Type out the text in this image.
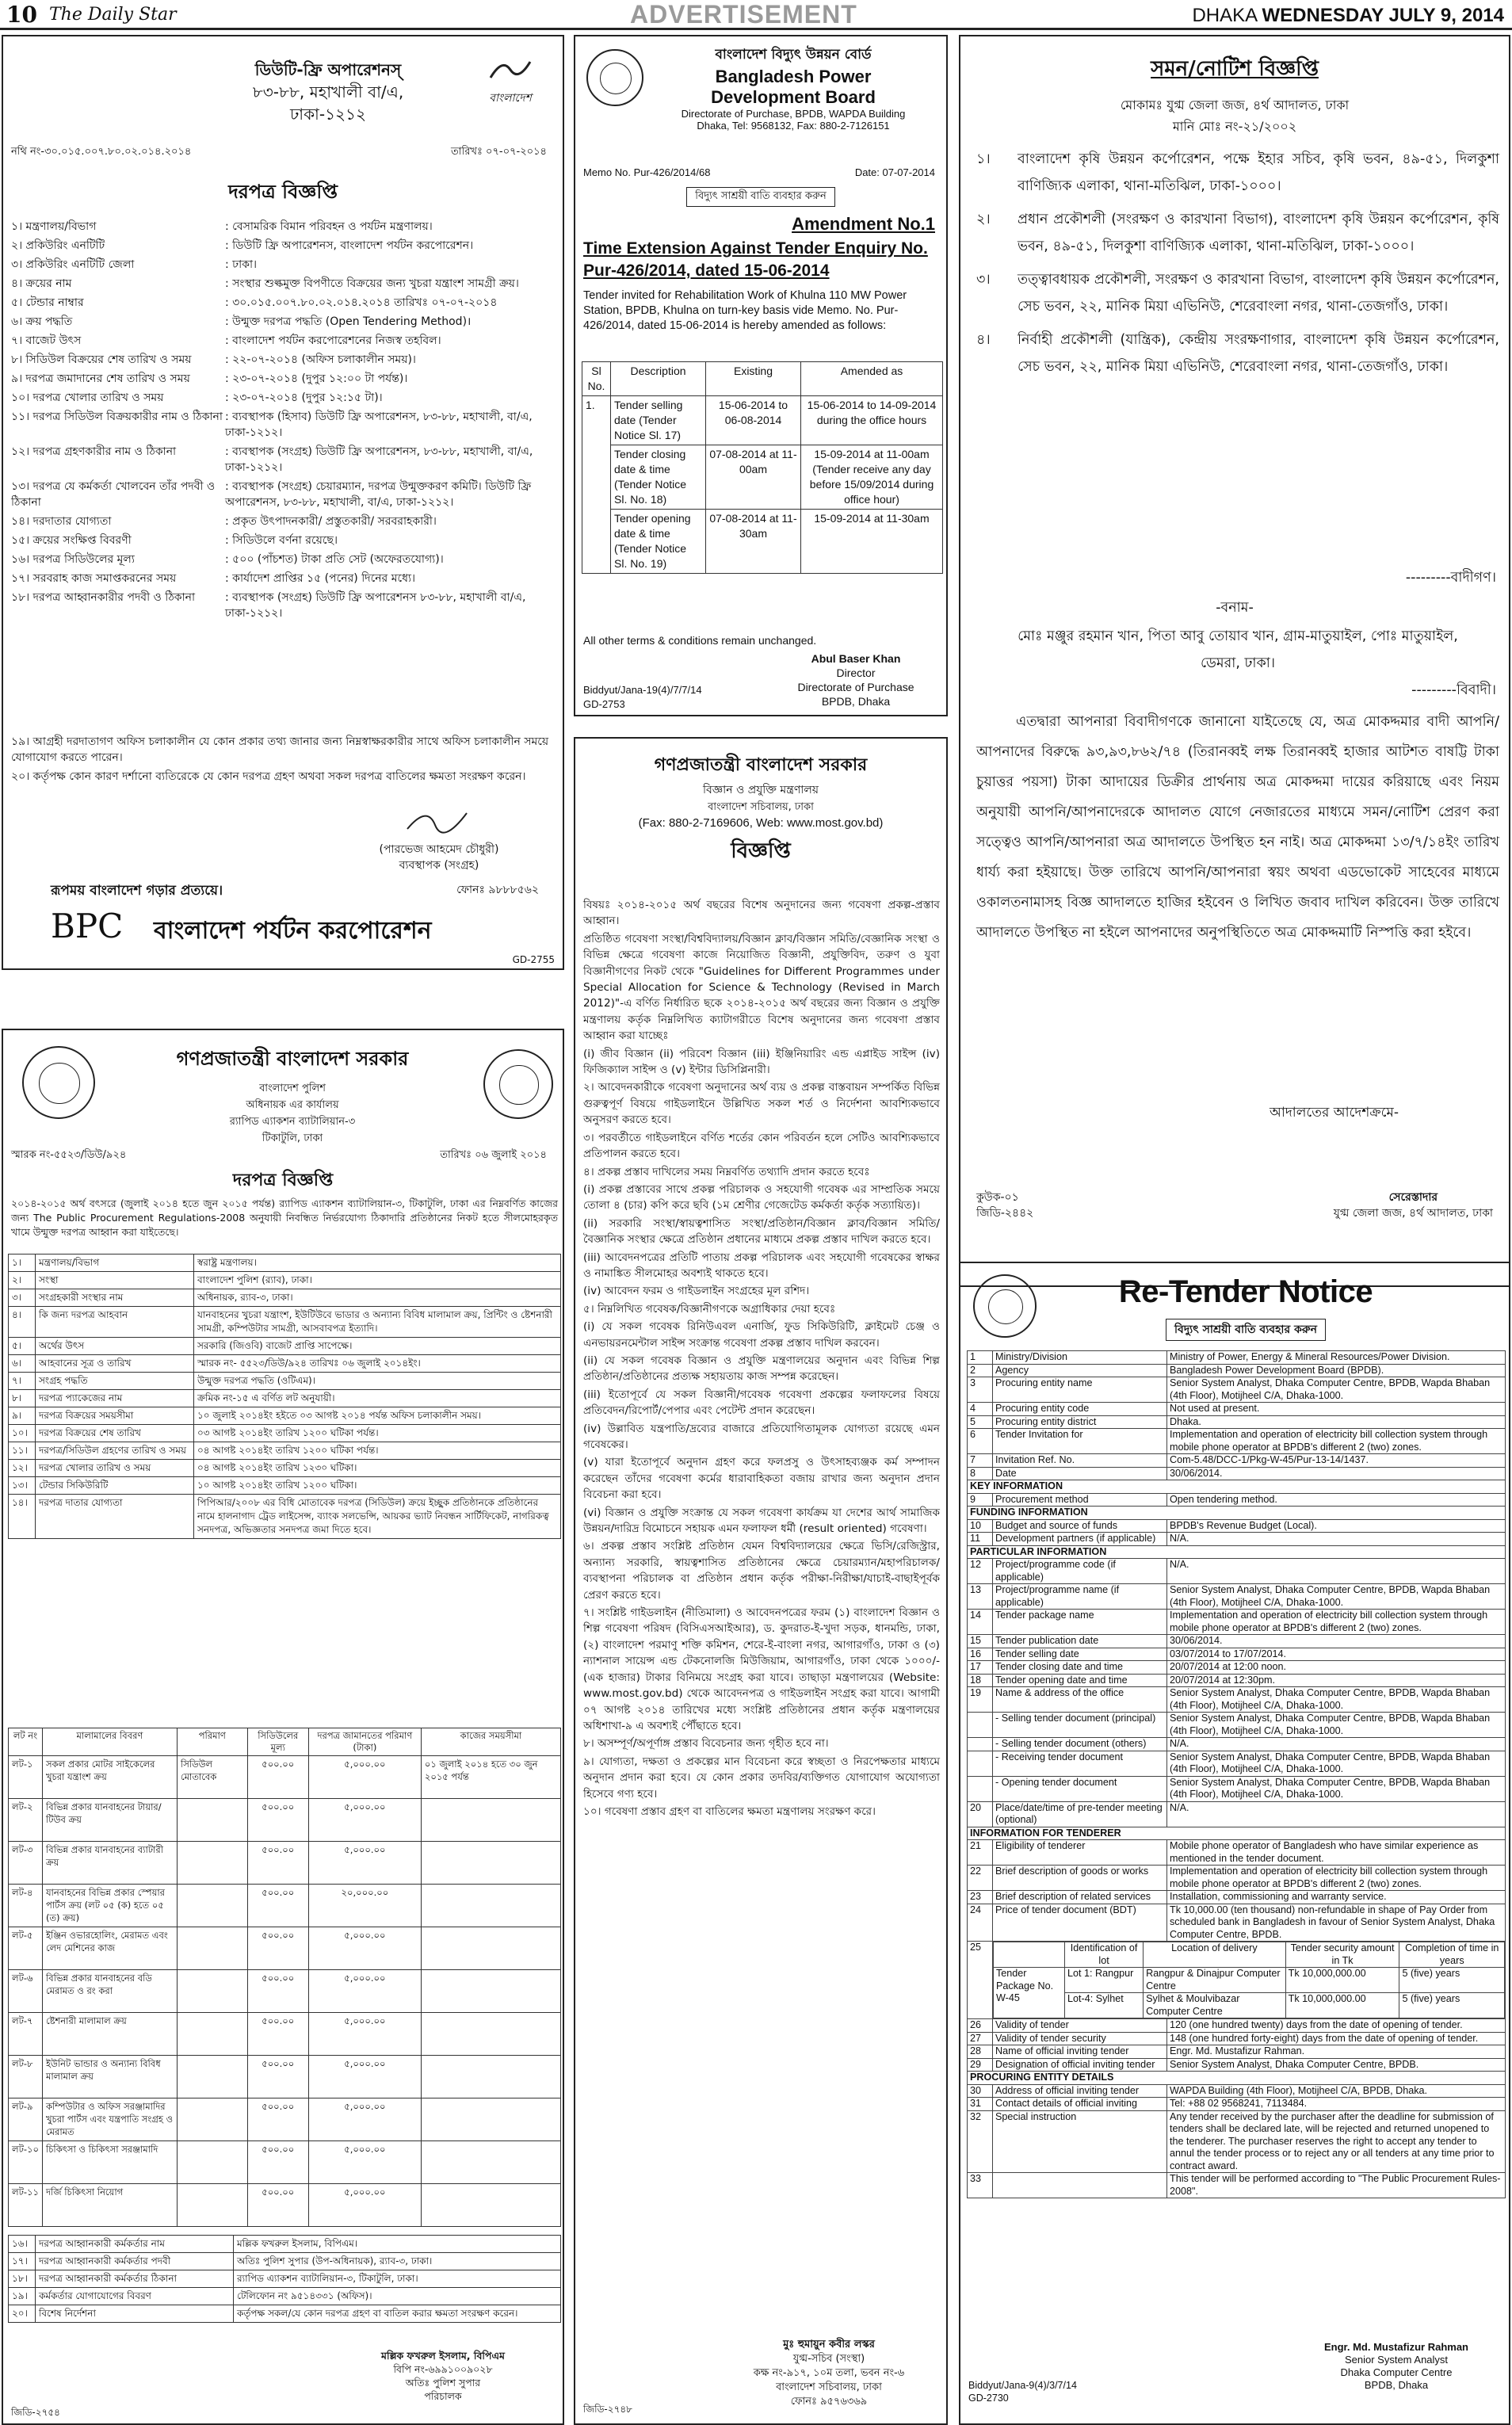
10 The Daily Star	ADVERTISEMENT	DHAKA WEDNESDAY JULY 9, 2014
ডিউটি-ফ্রি অপারেশনস্‌
৮৩-৮৮, মহাখালী বা/এ, ঢাকা-১২১২
বাংলাদেশ
নথি নং-৩০.০১৫.০০৭.৮০.০২.০১৪.২০১৪	তারিখঃ ০৭-০৭-২০১৪
দরপত্র বিজ্ঞপ্তি
১। মন্ত্রণালয়/বিভাগ	: বেসামরিক বিমান পরিবহন ও পর্যটন মন্ত্রণালয়।
২। প্রকিউরিং এনটিটি	: ডিউটি ফ্রি অপারেশনস, বাংলাদেশ পর্যটন করপোরেশন।
৩। প্রকিউরিং এনটিটি জেলা	: ঢাকা।
৪। ক্রয়ের নাম	: সংস্থার শুল্কমুক্ত বিপণীতে বিক্রয়ের জন্য খুচরা যন্ত্রাংশ সামগ্রী ক্রয়।
৫। টেন্ডার নাম্বার	: ৩০.০১৫.০০৭.৮০.০২.০১৪.২০১৪ তারিখঃ ০৭-০৭-২০১৪
৬। ক্রয় পদ্ধতি	: উন্মুক্ত দরপত্র পদ্ধতি (Open Tendering Method)।
৭। বাজেট উৎস	: বাংলাদেশ পর্যটন করপোরেশনের নিজস্ব তহবিল।
৮। সিডিউল বিক্রয়ের শেষ তারিখ ও সময়	: ২২-০৭-২০১৪ (অফিস চলাকালীন সময়)।
৯। দরপত্র জমাদানের শেষ তারিখ ও সময়	: ২৩-০৭-২০১৪ (দুপুর ১২:০০ টা পর্যন্ত)।
১০। দরপত্র খোলার তারিখ ও সময়	: ২৩-০৭-২০১৪ (দুপুর ১২:১৫ টা)।
১১। দরপত্র সিডিউল বিক্রয়কারীর নাম ও ঠিকানা : ব্যবস্থাপক (হিসাব) ডিউটি ফ্রি অপারেশনস, ৮৩-৮৮, মহাখালী, বা/এ, ঢাকা-১২১২।
১২। দরপত্র গ্রহণকারীর নাম ও ঠিকানা	: ব্যবস্থাপক (সংগ্রহ) ডিউটি ফ্রি অপারেশনস, ৮৩-৮৮, মহাখালী, বা/এ, ঢাকা-১২১২।
১৩। দরপত্র যে কর্মকর্তা খোলবেন তাঁর পদবী ও ঠিকানা
: ব্যবস্থাপক (সংগ্রহ) চেয়ারম্যান, দরপত্র উন্মুক্তকরণ কমিটি। ডিউটি ফ্রি অপারেশনস, ৮৩-৮৮, মহাখালী, বা/এ, ঢাকা-১২১২।
১৪। দরদাতার যোগ্যতা	: প্রকৃত উৎপাদনকারী/ প্রস্তুতকারী/ সরবরাহকারী।
১৫। ক্রয়ের সংক্ষিপ্ত বিবরণী	: সিডিউলে বর্ণনা রয়েছে।
১৬। দরপত্র সিডিউলের মূল্য	: ৫০০ (পাঁচশত) টাকা প্রতি সেট (অফেরতযোগ্য)।
১৭। সরবরাহ কাজ সমাপ্তকরনের সময়	: কার্যাদেশ প্রাপ্তির ১৫ (পনের) দিনের মধ্যে।
১৮। দরপত্র আহ্বানকারীর পদবী ও ঠিকানা	: ব্যবস্থাপক (সংগ্রহ) ডিউটি ফ্রি অপারেশনস ৮৩-৮৮, মহাখালী বা/এ, ঢাকা-১২১২।
১৯। আগ্রহী দরদাতাগণ অফিস চলাকালীন যে কোন প্রকার তথ্য জানার জন্য নিম্নস্বাক্ষরকারীর সাথে অফিস চলাকালীন সময়ে যোগাযোগ করতে পারেন।
২০। কর্তৃপক্ষ কোন কারণ দর্শানো ব্যতিরেকে যে কোন দরপত্র গ্রহণ অথবা সকল দরপত্র বাতিলের ক্ষমতা সংরক্ষণ করেন।
(পারভেজ আহমেদ চৌধুরী)
ব্যবস্থাপক (সংগ্রহ)
রূপময় বাংলাদেশ গড়ার প্রত্যয়ে।	ফোনঃ ৯৮৮৮৫৬২
BPC বাংলাদেশ পর্যটন করপোরেশন
GD-2755
গণপ্রজাতন্ত্রী বাংলাদেশ সরকার
বাংলাদেশ পুলিশ
অধিনায়ক এর কার্যালয়
র‍্যাপিড এ্যাকশন ব্যাটালিয়ান-৩
টিকাটুলি, ঢাকা
স্মারক নং-৫৫২৩/ডিউ/৯২৪	তারিখঃ ০৬ জুলাই ২০১৪
দরপত্র বিজ্ঞপ্তি
২০১৪-২০১৫ অর্থ বৎসরে (জুলাই ২০১৪ হতে জুন ২০১৫ পর্যন্ত) র‍্যাপিড এ্যাকশন ব্যাটালিয়ান-৩, টিকাটুলি, ঢাকা এর নিম্নবর্ণিত কাজের জন্য The Public Procurement Regulations-2008 অনুযায়ী নিবন্ধিত নির্ভরযোগ্য ঠিকাদারি প্রতিষ্ঠানের নিকট হতে সীলমোহরকৃত খামে উন্মুক্ত দরপত্র আহ্বান করা যাইতেছে।
১।	মন্ত্রণালয়/বিভাগ	স্বরাষ্ট্র মন্ত্রণালয়।
২।	সংস্থা	বাংলাদেশ পুলিশ (র‍্যাব), ঢাকা।
৩।	সংগ্রহকারী সংস্থার নাম	অধিনায়ক, র‍্যাব-৩, ঢাকা।
৪।	কি জন্য দরপত্র আহবান	যানবাহনের খুচরা যন্ত্রাংশ, ইউটিউবে ভাডার ও অন্যান্য বিবিধ মালামাল ক্রয়, প্রিন্টিং ও ষ্টেশনারী সামগ্রী, কম্পিউটার সামগ্রী, আসবাবপত্র ইত্যাদি।
৫।	অর্থের উৎস	সরকারি (জিওবি) বাজেট প্রাপ্তি সাপেক্ষে।
৬।	আহবানের সূত্র ও তারিখ	স্মারক নং- ৫৫২৩/ডিউ/৯২৪ তারিখঃ ০৬ জুলাই ২০১৪ইং।
৭।	সংগ্রহ পদ্ধতি	উন্মুক্ত দরপত্র পদ্ধতি (ওটিএম)।
৮।	দরপত্র প্যাকেজের নাম	ক্রমিক নং-১৫ এ বর্ণিত লট অনুযায়ী।
৯।	দরপত্র বিক্রয়ের সময়সীমা	১০ জুলাই ২০১৪ইং হইতে ০৩ আগষ্ট ২০১৪ পর্যন্ত অফিস চলাকালীন সময়।
১০।	দরপত্র বিক্রয়ের শেষ তারিখ	০৩ আগষ্ট ২০১৪ইং তারিখ ১২০০ ঘটিকা পর্যন্ত।
১১।	দরপত্র/সিডিউল গ্রহণের তারিখ ও সময়	০৪ আগষ্ট ২০১৪ইং তারিখ ১২০০ ঘটিকা পর্যন্ত।
১২।	দরপত্র খোলার তারিখ ও সময়	০৪ আগষ্ট ২০১৪ইং তারিখ ১২৩০ ঘটিকা।
১৩।	টেন্ডার সিকিউরিটি	১০ আগষ্ট ২০১৪ইং তারিখ ১২০০ ঘটিকা।
১৪।	দরপত্র দাতার যোগ্যতা	পিপিআর/২০০৮ এর বিধি মোতাবেক দরপত্র (সিডিউল) ক্রয়ে ইচ্ছুক প্রতিষ্ঠানকে প্রতিষ্ঠানের নামে হালনাগাদ ট্রেড লাইসেন্স, ব্যাংক সলভেন্সি, আয়কর ভ্যাট নিবন্ধন সার্টিফিকেট, নাগরিকত্ব সনদপত্র, অভিজ্ঞতার সনদপত্র জমা দিতে হবে।
লট নং	মালামালের বিবরণ	পরিমাণ	সিডিউলের মূল্য	দরপত্র জামানতের পরিমাণ (টাকা)	কাজের সময়সীমা
লট-১	সকল প্রকার মোটর সাইকেলের খুচরা যন্ত্রাংশ ক্রয়	সিডিউল মোতাবেক	৫০০.০০	৫,০০০.০০	০১ জুলাই ২০১৪ হতে ৩০ জুন ২০১৫ পর্যন্ত
লট-২	বিভিন্ন প্রকার যানবাহনের টায়ার/টিউব ক্রয়		৫০০.০০	৫,০০০.০০	
লট-৩	বিভিন্ন প্রকার যানবাহনের ব্যাটারী ক্রয়		৫০০.০০	৫,০০০.০০	
লট-৪	যানবাহনের বিভিন্ন প্রকার স্পেয়ার পার্টস ক্রয় (লট ০৫ (ক) হতে ০৫ (ত) ক্রয়)		৫০০.০০	২০,০০০.০০	
লট-৫	ইঞ্জিন ওভারহোলিং, মেরামত এবং লেদ মেশিনের কাজ		৫০০.০০	৫,০০০.০০	
লট-৬	বিভিন্ন প্রকার যানবাহনের বডি মেরামত ও রং করা		৫০০.০০	৫,০০০.০০	
লট-৭	ষ্টেশনারী মালামাল ক্রয়		৫০০.০০	৫,০০০.০০	
লট-৮	ইউনিট ভান্ডার ও অন্যান্য বিবিধ মালামাল ক্রয়		৫০০.০০	৫,০০০.০০	
লট-৯	কম্পিউটার ও অফিস সরঞ্জামাদির খুচরা পার্টস এবং যন্ত্রপাতি সংগ্রহ ও মেরামত		৫০০.০০	৫,০০০.০০	
লট-১০	চিকিৎসা ও চিকিৎসা সরঞ্জামাদি		৫০০.০০	৫,০০০.০০	
লট-১১	দর্জি চিকিৎসা নিয়োগ		৫০০.০০	৫,০০০.০০	
১৬।	দরপত্র আহ্বানকারী কর্মকর্তার নাম	মল্লিক ফখরুল ইসলাম, বিপিএম।
১৭।	দরপত্র আহ্বানকারী কর্মকর্তার পদবী	অতিঃ পুলিশ সুপার (উপ-অধিনায়ক), র‍্যাব-৩, ঢাকা।
১৮।	দরপত্র আহ্বানকারী কর্মকর্তার ঠিকানা	র‍্যাপিড এ্যাকশন ব্যাটালিয়ান-৩, টিকাটুলি, ঢাকা।
১৯।	কর্মকর্তার যোগাযোগের বিবরণ	টেলিফোন নং ৯৫১৪৩৩১ (অফিস)।
২০।	বিশেষ নির্দেশনা	কর্তৃপক্ষ সকল/যে কোন দরপত্র গ্রহণ বা বাতিল করার ক্ষমতা সংরক্ষণ করেন।
মল্লিক ফখরুল ইসলাম, বিপিএম
বিপি নং-৬৯৯১০০৯০২৮
অতিঃ পুলিশ সুপার
পরিচালক
জিডি-২৭৫৪
বাংলাদেশ বিদ্যুৎ উন্নয়ন বোর্ড
Bangladesh Power
Development Board
Directorate of Purchase, BPDB, WAPDA Building
Dhaka, Tel: 9568132, Fax: 880-2-7126151
Memo No. Pur-426/2014/68	Date: 07-07-2014
বিদ্যুৎ সাশ্রয়ী বাতি ব্যবহার করুন
Amendment No.1
Time Extension Against Tender Enquiry No. Pur-426/2014, dated 15-06-2014
Tender invited for Rehabilitation Work of Khulna 110 MW Power Station, BPDB, Khulna on turn-key basis vide Memo. No. Pur-426/2014, dated 15-06-2014 is hereby amended as follows:
Sl No.	Description	Existing	Amended as
1.	Tender selling date (Tender Notice Sl. 17)	15-06-2014 to 06-08-2014	15-06-2014 to 14-09-2014 during the office hours
	Tender closing date & time (Tender Notice Sl. No. 18)	07-08-2014 at 11-00am	15-09-2014 at 11-00am (Tender receive any day before 15/09/2014 during office hour)
	Tender opening date & time (Tender Notice Sl. No. 19)	07-08-2014 at 11-30am	15-09-2014 at 11-30am
All other terms & conditions remain unchanged.
Abul Baser Khan
Director
Directorate of Purchase
BPDB, Dhaka
Biddyut/Jana-19(4)/7/7/14
GD-2753
গণপ্রজাতন্ত্রী বাংলাদেশ সরকার
বিজ্ঞান ও প্রযুক্তি মন্ত্রণালয়
বাংলাদেশ সচিবালয়, ঢাকা
(Fax: 880-2-7169606, Web: www.most.gov.bd)
বিজ্ঞপ্তি
বিষয়ঃ ২০১৪-২০১৫ অর্থ বছরের বিশেষ অনুদানের জন্য গবেষণা প্রকল্প-প্রস্তাব আহ্বান।
প্রতিষ্ঠিত গবেষণা সংস্থা/বিশ্ববিদ্যালয়/বিজ্ঞান ক্লাব/বিজ্ঞান সমিতি/বেজ্ঞানিক সংস্থা ও বিভিন্ন ক্ষেত্রে গবেষণা কাজে নিয়োজিত বিজ্ঞানী, প্রযুক্তিবিদ, তরুণ ও যুবা বিজ্ঞানীগণের নিকট থেকে "Guidelines for Different Programmes under Special Allocation for Science & Technology (Revised in March 2012)"-এ বর্ণিত নির্ধারিত ছকে ২০১৪-২০১৫ অর্থ বছরের জন্য বিজ্ঞান ও প্রযুক্তি মন্ত্রণালয় কর্তৃক নিম্নলিখিত ক্যাটাগরীতে বিশেষ অনুদানের জন্য গবেষণা প্রস্তাব আহ্বান করা যাচ্ছেঃ
(i) জীব বিজ্ঞান (ii) পরিবেশ বিজ্ঞান (iii) ইঞ্জিনিয়ারিং এন্ড এপ্লাইড সাইন্স (iv) ফিজিক্যাল সাইন্স ও (v) ইন্টার ডিসিপ্লিনারী।
২। আবেদনকারীকে গবেষণা অনুদানের অর্থ ব্যয় ও প্রকল্প বাস্তবায়ন সম্পর্কিত বিভিন্ন গুরুত্বপূর্ণ বিষয়ে গাইডলাইনে উল্লিখিত সকল শর্ত ও নির্দেশনা আবশ্যিকভাবে অনুসরণ করতে হবে।
৩। পরবর্তীতে গাইডলাইনে বর্ণিত শর্তের কোন পরিবর্তন হলে সেটিও আবশ্যিকভাবে প্রতিপালন করতে হবে।
৪। প্রকল্প প্রস্তাব দাখিলের সময় নিম্নবর্ণিত তথ্যাদি প্রদান করতে হবেঃ
(i) প্রকল্প প্রস্তাবের সাথে প্রকল্প পরিচালক ও সহযোগী গবেষক এর সাম্প্রতিক সময়ে তোলা ৪ (চার) কপি করে ছবি (১ম শ্রেণীর গেজেটেড কর্মকর্তা কর্তৃক সত্যায়িত)।
(ii) সরকারি সংস্থা/স্বায়ত্বশাসিত সংস্থা/প্রতিষ্ঠান/বিজ্ঞান ক্লাব/বিজ্ঞান সমিতি/বৈজ্ঞানিক সংস্থার ক্ষেত্রে প্রতিষ্ঠান প্রধানের মাধ্যমে প্রকল্প প্রস্তাব দাখিল করতে হবে।
(iii) আবেদনপত্রের প্রতিটি পাতায় প্রকল্প পরিচালক এবং সহযোগী গবেষকের স্বাক্ষর ও নামাঙ্কিত সীলমোহর অবশ্যই থাকতে হবে।
(iv) আবেদন ফরম ও গাইডলাইন সংগ্রহের মূল রশিদ।
৫। নিম্নলিখিত গবেষক/বিজ্ঞানীগণকে অগ্রাধিকার দেয়া হবেঃ
(i) যে সকল গবেষক রিনিউএবল এনার্জি, ফুড সিকিউরিটি, ক্লাইমেট চেঞ্জ ও এনভায়রনমেন্টাল সাইন্স সংক্রান্ত গবেষণা প্রকল্প প্রস্তাব দাখিল করবেন।
(ii) যে সকল গবেষক বিজ্ঞান ও প্রযুক্তি মন্ত্রণালয়ের অনুদান এবং বিভিন্ন শিল্প প্রতিষ্ঠান/প্রতিষ্ঠানের প্রত্যক্ষ সহায়তায় কাজ সম্পন্ন করেছেন।
(iii) ইতোপূর্বে যে সকল বিজ্ঞানী/গবেষক গবেষণা প্রকল্পের ফলাফলের বিষয়ে প্রতিবেদন/রিপোর্ট/পেপার এবং পেটেন্ট প্রদান করেছেন।
(iv) উল্লাবিত যন্ত্রপাতি/দ্রব্যের বাজারে প্রতিযোগিতামূলক যোগ্যতা রয়েছে এমন গবেষকের।
(v) যারা ইতোপূর্বে অনুদান গ্রহণ করে ফলপ্রসু ও উৎসাহব্যঞ্জক কর্ম সম্পাদন করেছেন তাঁদের গবেষণা কর্মের ধারাবাহিকতা বজায় রাখার জন্য অনুদান প্রদান বিবেচনা করা হবে।
(vi) বিজ্ঞান ও প্রযুক্তি সংক্রান্ত যে সকল গবেষণা কার্যক্রম যা দেশের আর্থ সামাজিক উন্নয়ন/দারিদ্র বিমোচনে সহায়ক এমন ফলাফল ধর্মী (result oriented) গবেষণা।
৬। প্রকল্প প্রস্তাব সংশ্লিষ্ট প্রতিষ্ঠান যেমন বিশ্ববিদ্যালয়ের ক্ষেত্রে ভিসি/রেজিস্ট্রার, অন্যান্য সরকারি, স্বায়ত্বশাসিত প্রতিষ্ঠানের ক্ষেত্রে চেয়ারম্যান/মহাপরিচালক/ব্যবস্থাপনা পরিচালক বা প্রতিষ্ঠান প্রধান কর্তৃক পরীক্ষা-নিরীক্ষা/যাচাই-বাছাইপূর্বক প্রেরণ করতে হবে।
৭। সংশ্লিষ্ট গাইডলাইন (নীতিমালা) ও আবেদনপত্রের ফরম (১) বাংলাদেশ বিজ্ঞান ও শিল্প গবেষণা পরিষদ (বিসিএসআইআর), ড. কুদরাত-ই-খুদা সড়ক, ধানমন্ডি, ঢাকা, (২) বাংলাদেশ পরমাণু শক্তি কমিশন, শেরে-ই-বাংলা নগর, আগারগাঁও, ঢাকা ও (৩) ন্যাশনাল সায়েন্স এন্ড টেকনোলজি মিউজিয়াম, আগারগাঁও, ঢাকা থেকে ১০০০/- (এক হাজার) টাকার বিনিময়ে সংগ্রহ করা যাবে। তাছাড়া মন্ত্রণালয়ের (Website: www.most.gov.bd) থেকে আবেদনপত্র ও গাইডলাইন সংগ্রহ করা যাবে। আগামী ০৭ আগষ্ট ২০১৪ তারিখের মধ্যে সংশ্লিষ্ট প্রতিষ্ঠানের প্রধান কর্তৃক মন্ত্রণালয়ের অধিশাখা-৯ এ অবশ্যই পৌঁছাতে হবে।
৮। অসম্পূর্ণ/অপূর্ণাঙ্গ প্রস্তাব বিবেচনার জন্য গৃহীত হবে না।
৯। যোগ্যতা, দক্ষতা ও প্রকল্পের মান বিবেচনা করে স্বচ্ছতা ও নিরপেক্ষতার মাধ্যমে অনুদান প্রদান করা হবে। যে কোন প্রকার তদবির/ব্যক্তিগত যোগাযোগ অযোগ্যতা হিসেবে গণ্য হবে।
১০। গবেষণা প্রস্তাব গ্রহণ বা বাতিলের ক্ষমতা মন্ত্রণালয় সংরক্ষণ করে।
মুঃ হুমায়ুন কবীর লস্কর
যুগ্ম-সচিব (সংস্থা)
কক্ষ নং-৯১৭, ১০ম তলা, ভবন নং-৬
বাংলাদেশ সচিবালয়, ঢাকা
ফোনঃ ৯৫৭৬৩৬৯
জিডি-২৭৪৮
সমন/নোটিশ বিজ্ঞপ্তি
মোকামঃ যুগ্ম জেলা জজ, ৪র্থ আদালত, ঢাকা
মানি মোঃ নং-২১/২০০২
১।	বাংলাদেশ কৃষি উন্নয়ন কর্পোরেশন, পক্ষে ইহার সচিব, কৃষি ভবন, ৪৯-৫১, দিলকুশা বাণিজ্যিক এলাকা, থানা-মতিঝিল, ঢাকা-১০০০।
২।	প্রধান প্রকৌশলী (সংরক্ষণ ও কারখানা বিভাগ), বাংলাদেশ কৃষি উন্নয়ন কর্পোরেশন, কৃষি ভবন, ৪৯-৫১, দিলকুশা বাণিজ্যিক এলাকা, থানা-মতিঝিল, ঢাকা-১০০০।
৩।	তত্ত্বাবধায়ক প্রকৌশলী, সংরক্ষণ ও কারখানা বিভাগ, বাংলাদেশ কৃষি উন্নয়ন কর্পোরেশন, সেচ ভবন, ২২, মানিক মিয়া এভিনিউ, শেরেবাংলা নগর, থানা-তেজগাঁও, ঢাকা।
৪।	নির্বাহী প্রকৌশলী (যান্ত্রিক), কেন্দ্রীয় সংরক্ষণাগার, বাংলাদেশ কৃষি উন্নয়ন কর্পোরেশন, সেচ ভবন, ২২, মানিক মিয়া এভিনিউ, শেরেবাংলা নগর, থানা-তেজগাঁও, ঢাকা।
---------বাদীগণ।
-বনাম-
মোঃ মঞ্জুর রহমান খান, পিতা আবু তোয়াব খান, গ্রাম-মাতুয়াইল, পোঃ মাতুয়াইল, ডেমরা, ঢাকা।
---------বিবাদী।
এতদ্বারা আপনারা বিবাদীগণকে জানানো যাইতেছে যে, অত্র মোকদ্দমার বাদী আপনি/আপনাদের বিরুদ্ধে ৯৩,৯৩,৮৬২/৭৪ (তিরানব্বই লক্ষ তিরানব্বই হাজার আটশত বাষট্টি টাকা চুয়াত্তর পয়সা) টাকা আদায়ের ডিক্রীর প্রার্থনায় অত্র মোকদ্দমা দায়ের করিয়াছে এবং নিয়ম অনুযায়ী আপনি/আপনাদেরকে আদালত যোগে নেজারতের মাধ্যমে সমন/নোটিশ প্রেরণ করা সত্ত্বেও আপনি/আপনারা অত্র আদালতে উপস্থিত হন নাই। অত্র মোকদ্দমা ১৩/৭/১৪ইং তারিখ ধার্য্য করা হইয়াছে। উক্ত তারিখে আপনি/আপনারা স্বয়ং অথবা এডভোকেট সাহেবের মাধ্যমে ওকালতনামাসহ বিজ্ঞ আদালতে হাজির হইবেন ও লিখিত জবাব দাখিল করিবেন। উক্ত তারিখে আদালতে উপস্থিত না হইলে আপনাদের অনুপস্থিতিতে অত্র মোকদ্দমাটি নিস্পত্তি করা হইবে।
আদালতের আদেশক্রমে-
কুউক-০১
জিডি-২৪৪২
সেরেস্তাদার
যুগ্ম জেলা জজ, ৪র্থ আদালত, ঢাকা
Re-Tender Notice
বিদ্যুৎ সাশ্রয়ী বাতি ব্যবহার করুন
1	Ministry/Division	Ministry of Power, Energy & Mineral Resources/Power Division.
2	Agency	Bangladesh Power Development Board (BPDB).
3	Procuring entity name	Senior System Analyst, Dhaka Computer Centre, BPDB, Wapda Bhaban (4th Floor), Motijheel C/A, Dhaka-1000.
4	Procuring entity code	Not used at present.
5	Procuring entity district	Dhaka.
6	Tender Invitation for	Implementation and operation of electricity bill collection system through mobile phone operator at BPDB's different 2 (two) zones.
7	Invitation Ref. No.	Com-5.48/DCC-1/Pkg-W-45/Pur-13-14/1437.
8	Date	30/06/2014.
KEY INFORMATION
9	Procurement method	Open tendering method.
FUNDING INFORMATION
10	Budget and source of funds	BPDB's Revenue Budget (Local).
11	Development partners (if applicable)	N/A.
PARTICULAR INFORMATION
12	Project/programme code (if applicable)	N/A.
13	Project/programme name (if applicable)	Senior System Analyst, Dhaka Computer Centre, BPDB, Wapda Bhaban (4th Floor), Motijheel C/A, Dhaka-1000.
14	Tender package name	Implementation and operation of electricity bill collection system through mobile phone operator at BPDB's different 2 (two) zones.
15	Tender publication date	30/06/2014.
16	Tender selling date	03/07/2014 to 17/07/2014.
17	Tender closing date and time	20/07/2014 at 12:00 noon.
18	Tender opening date and time	20/07/2014 at 12:30pm.
19	Name & address of the office	Senior System Analyst, Dhaka Computer Centre, BPDB, Wapda Bhaban (4th Floor), Motijheel C/A, Dhaka-1000.
	- Selling tender document (principal)	Senior System Analyst, Dhaka Computer Centre, BPDB, Wapda Bhaban (4th Floor), Motijheel C/A, Dhaka-1000.
	- Selling tender document (others)	N/A.
	- Receiving tender document	Senior System Analyst, Dhaka Computer Centre, BPDB, Wapda Bhaban (4th Floor), Motijheel C/A, Dhaka-1000.
	- Opening tender document	Senior System Analyst, Dhaka Computer Centre, BPDB, Wapda Bhaban (4th Floor), Motijheel C/A, Dhaka-1000.
20	Place/date/time of pre-tender meeting (optional)	N/A.
INFORMATION FOR TENDERER
21	Eligibility of tenderer	Mobile phone operator of Bangladesh who have similar experience as mentioned in the tender document.
22	Brief description of goods or works	Implementation and operation of electricity bill collection system through mobile phone operator at BPDB's different 2 (two) zones.
23	Brief description of related services	Installation, commissioning and warranty service.
24	Price of tender document (BDT)	Tk 10,000.00 (ten thousand) non-refundable in shape of Pay Order from scheduled bank in Bangladesh in favour of Senior System Analyst, Dhaka Computer Centre, BPDB.
25	
		Identification of lot	Location of delivery	Tender security amount in Tk	Completion of time in years
Tender Package No. W-45	Lot 1: Rangpur	Rangpur & Dinajpur Computer Centre	Tk 10,000,000.00	5 (five) years
Lot-4: Sylhet	Sylhet & Moulvibazar Computer Centre	Tk 10,000,000.00	5 (five) years

26	Validity of tender	120 (one hundred twenty) days from the date of opening of tender.
27	Validity of tender security	148 (one hundred forty-eight) days from the date of opening of tender.
28	Name of official inviting tender	Engr. Md. Mustafizur Rahman.
29	Designation of official inviting tender	Senior System Analyst, Dhaka Computer Centre, BPDB.
PROCURING ENTITY DETAILS
30	Address of official inviting tender	WAPDA Building (4th Floor), Motijheel C/A, BPDB, Dhaka.
31	Contact details of official inviting	Tel: +88 02 9568241, 7113484.
32	Special instruction	Any tender received by the purchaser after the deadline for submission of tenders shall be declared late, will be rejected and returned unopened to the tenderer. The purchaser reserves the right to accept any tender to annul the tender process or to reject any or all tenders at any time prior to contract award.
33		This tender will be performed according to "The Public Procurement Rules-2008".
Engr. Md. Mustafizur Rahman
Senior System Analyst
Dhaka Computer Centre
BPDB, Dhaka
Biddyut/Jana-9(4)/3/7/14
GD-2730
